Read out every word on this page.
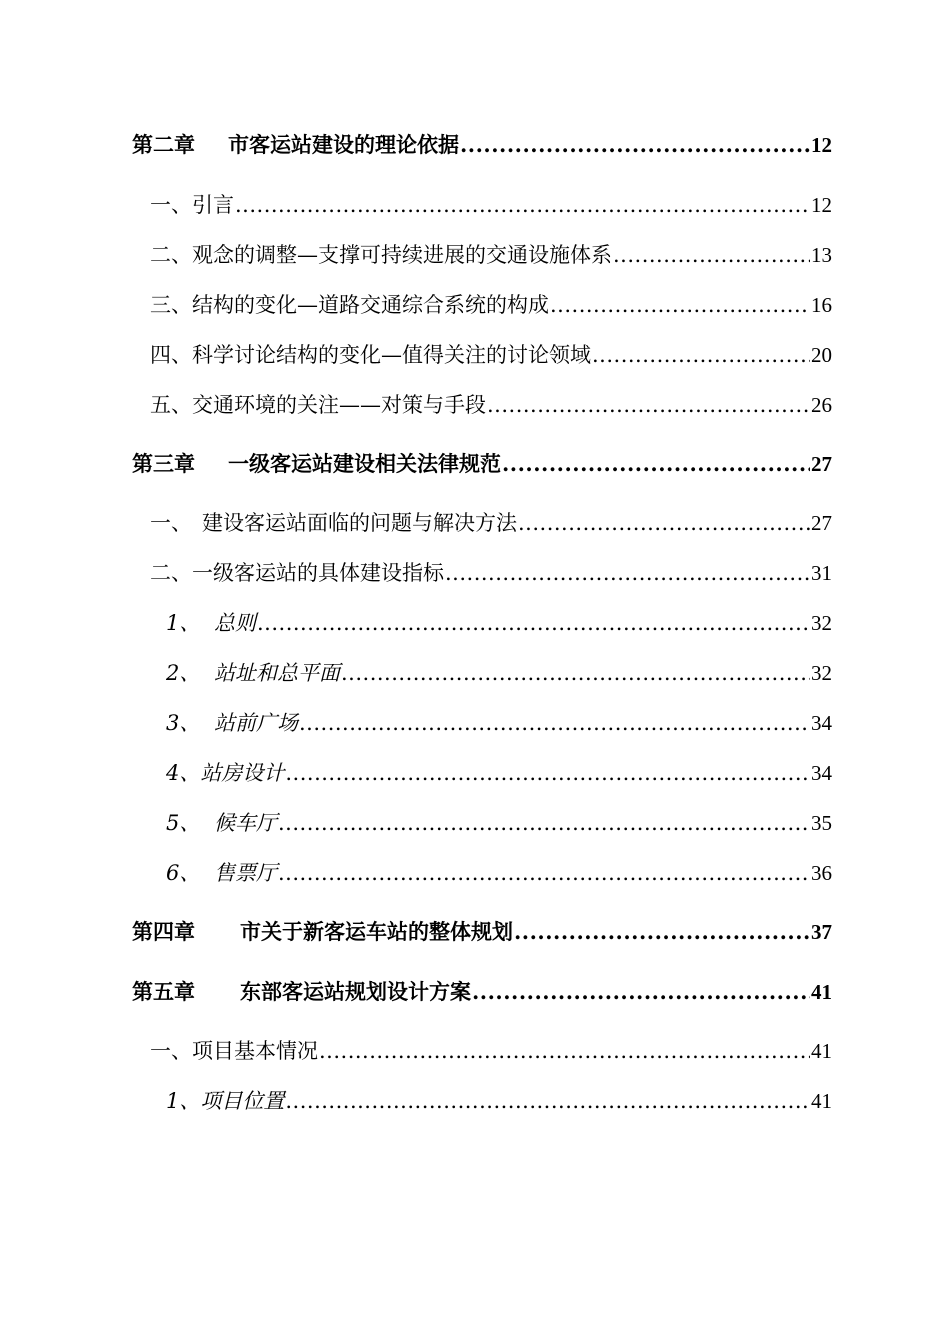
第二章	市客运站建设的理论依据 .....	12
一、 引言 .....	12
二、 观念的调整—支撑可持续进展的交通设施体系 .....	13
三、 结构的变化—道路交通综合系统的构成 .....	16
四、 科学讨论结构的变化—值得关注的讨论领域 .....	20
五、 交通环境的关注——对策与手段 .....	26
第三章	一级客运站建设相关法律规范 .....	27
一、 建设客运站面临的问题与解决方法 .....	27
二、 一级客运站的具体建设指标 .....	31
1、 总则 .....	32
2、 站址和总平面 .....	32
3、 站前广场 .....	34
4、 站房设计 .....	34
5、 候车厅 .....	35
6、 售票厅 .....	36
第四章	市关于新客运车站的整体规划 .....	37
第五章	东部客运站规划设计方案 .....	41
一、 项目基本情况 .....	41
1、 项目位置 .....	41
